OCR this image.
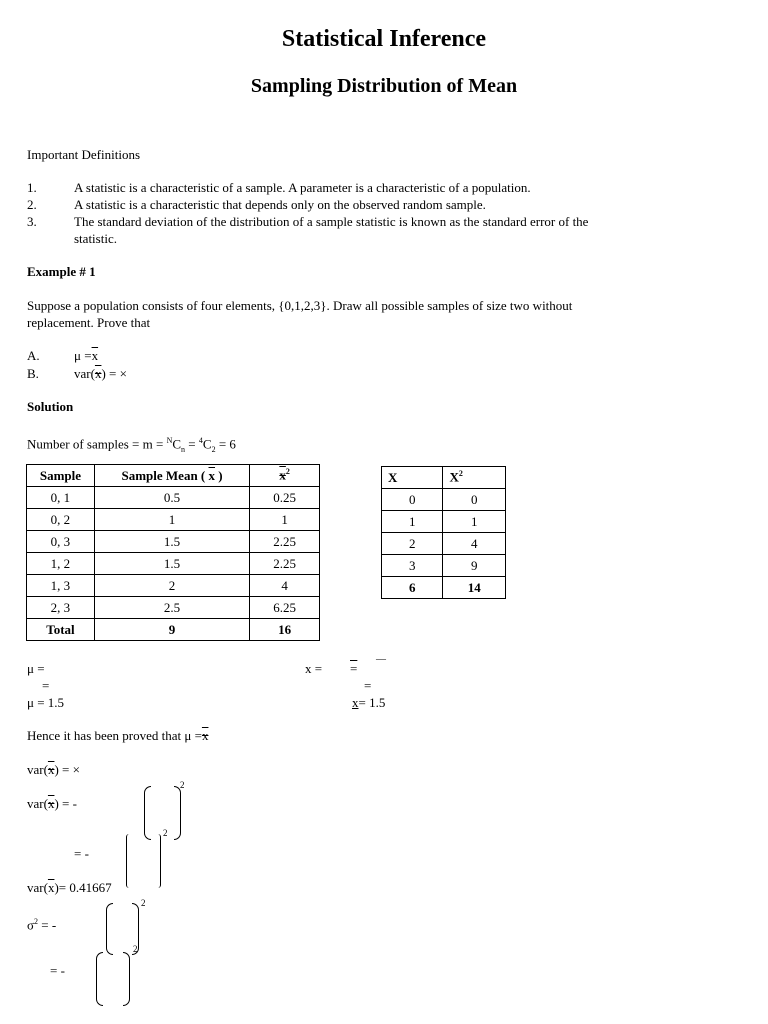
Statistical Inference
Sampling Distribution of Mean
Important Definitions
1.	A statistic is a characteristic of a sample. A parameter is a characteristic of a population.
2.	A statistic is a characteristic that depends only on the observed random sample.
3.	The standard deviation of the distribution of a sample statistic is known as the standard error of the
statistic.
Example # 1
Suppose a population consists of four elements, {0,1,2,3}. Draw all possible samples of size two without
replacement. Prove that
A.	$\mu =\overline{x}$
B.	var(x) = ×
Solution
Number of samples = $m = ^NC_n = ^4C_2 = 6$
Sample	Sample Mean ( $\overline{x}$ )	$x^2$
0, 1	0.5	0.25
0, 2	1	1
0, 3	1.5	2.25
1, 2	1.5	2.25
1, 3	2	4
2, 3	2.5	6.25
Total	9	16
X	$X^2$
0	0
1	1
2	4
3	9
6	14
μ =
=
μ = 1.5
x = =
—
=
x= 1.5
Hence it has been proved that μ =x
var(x) = ×
var(x) = -
2
2
= -
$var(\overline{x})= 0.41667$
$\sigma^2$ = -
2
2
= -
